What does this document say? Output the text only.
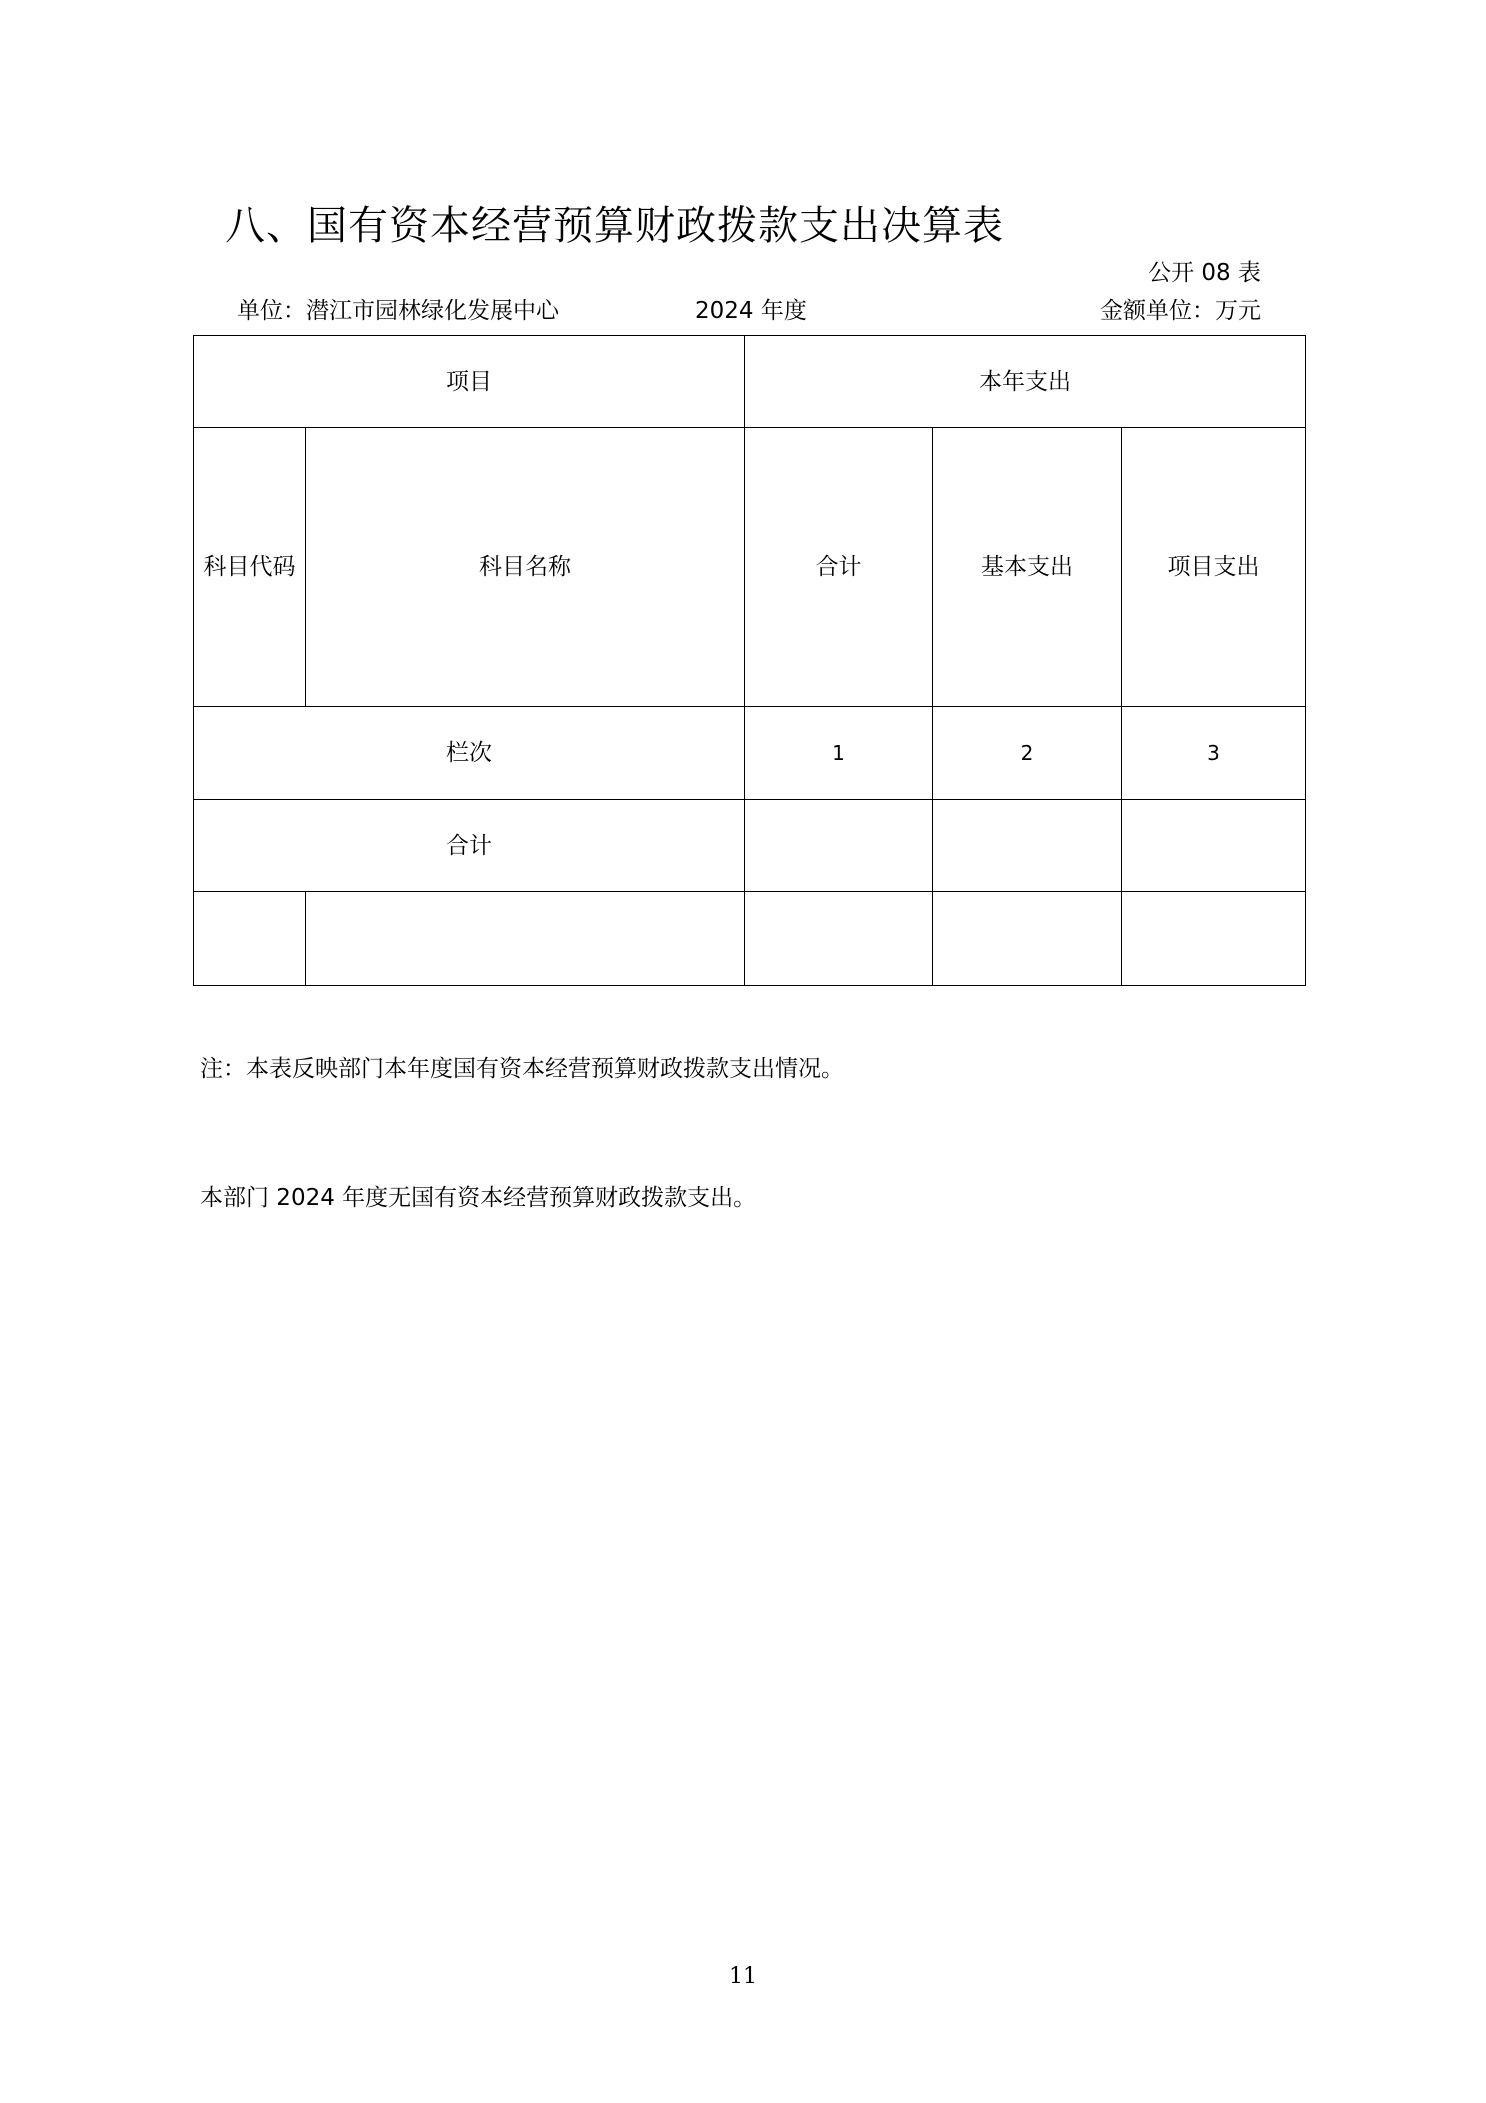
八、国有资本经营预算财政拨款支出决算表
公开 08 表
单位：潜江市园林绿化发展中心	2024 年度	金额单位：万元
项目		本年支出		
科目代码	科目名称	合计	基本支出	项目支出
栏次		1	2	3
合计				

注：本表反映部门本年度国有资本经营预算财政拨款支出情况。
本部门 2024 年度无国有资本经营预算财政拨款支出。
11
